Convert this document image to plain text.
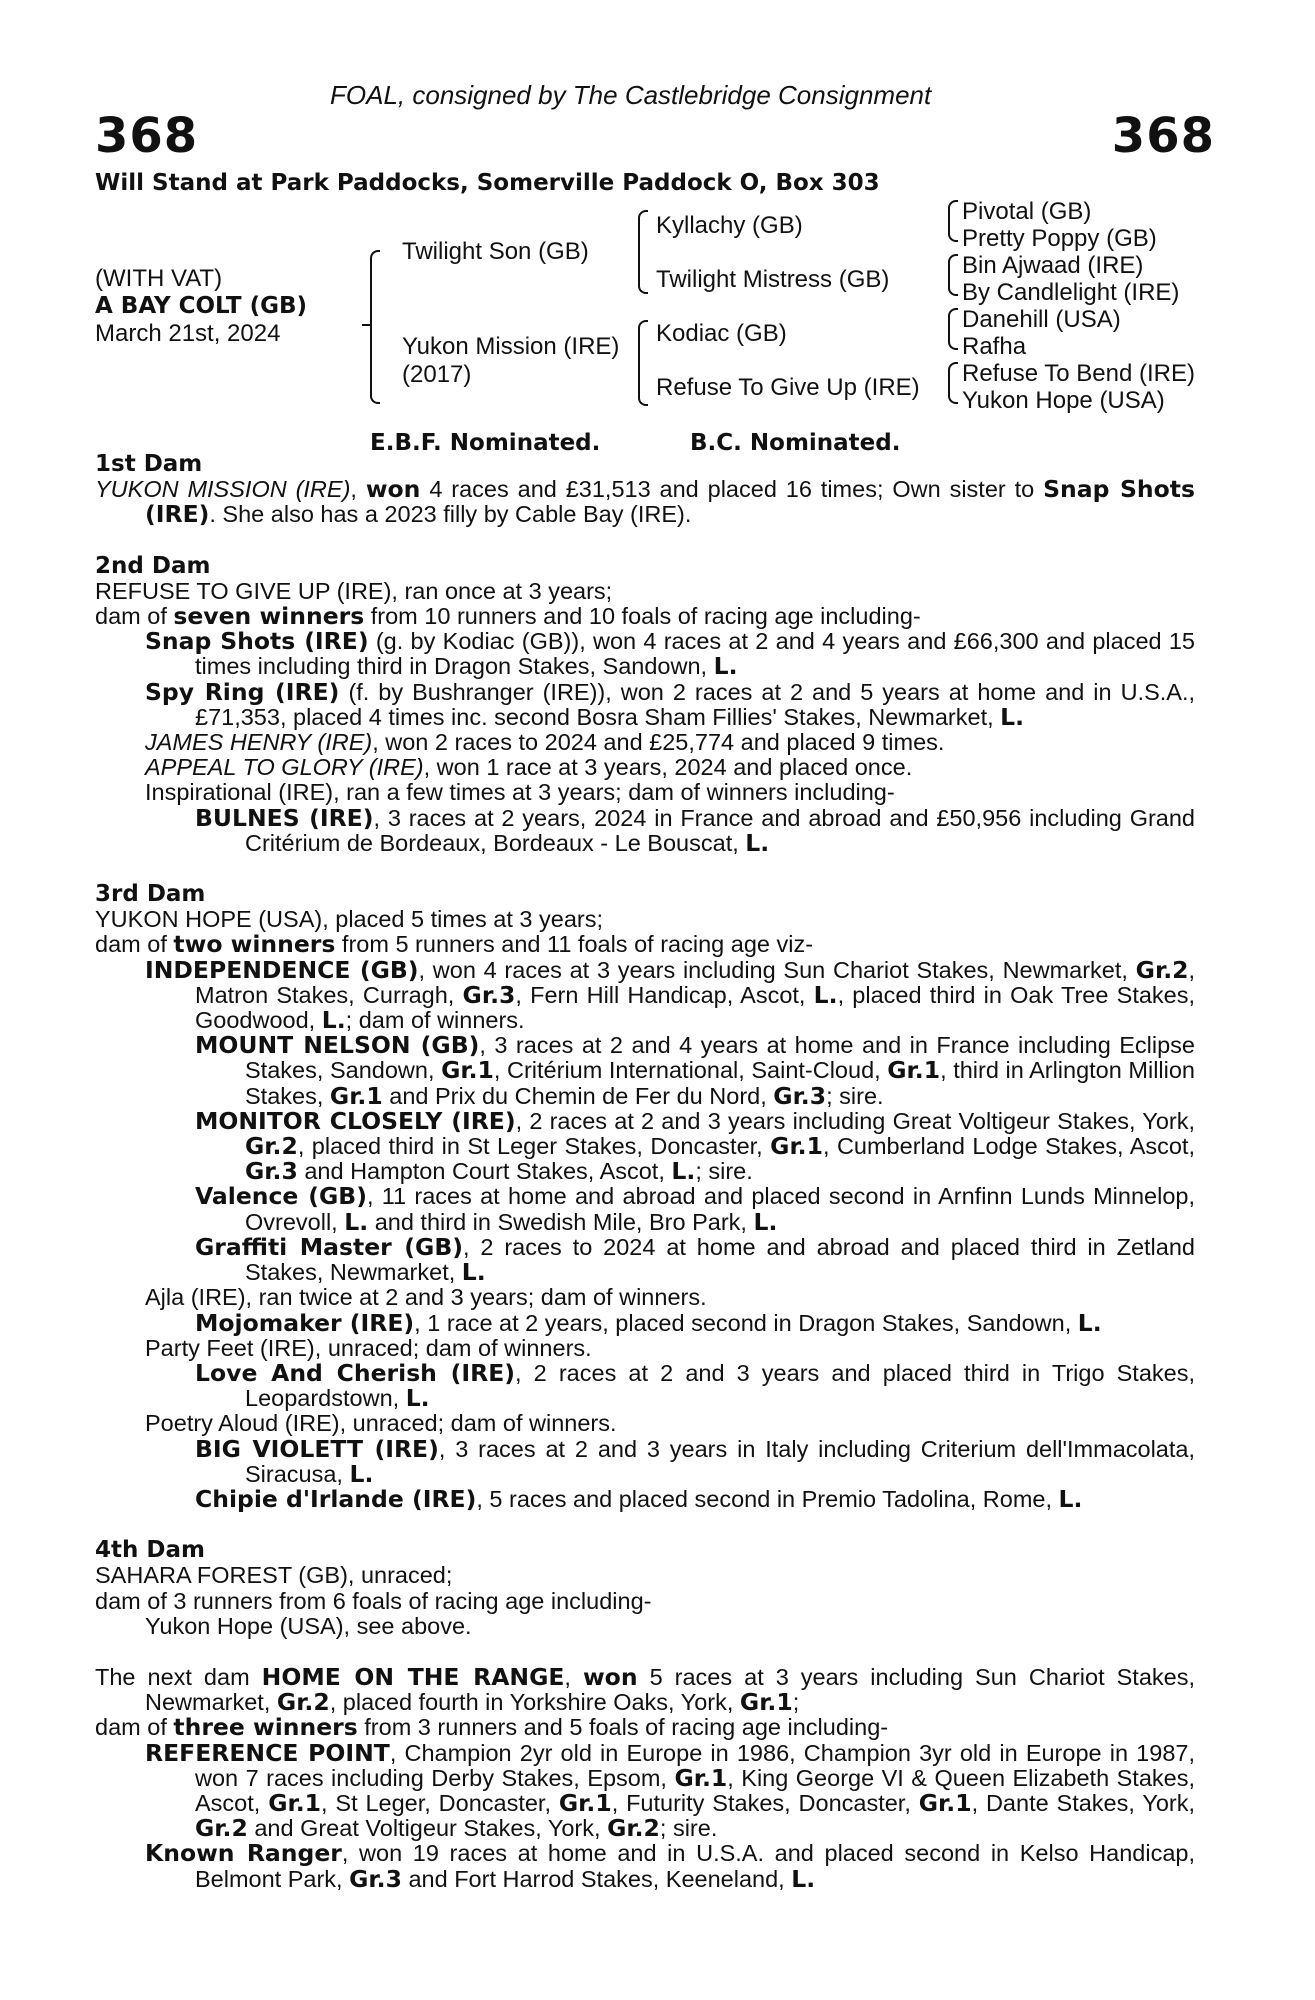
FOAL, consigned by The Castlebridge Consignment
368	368
Will Stand at Park Paddocks, Somerville Paddock O, Box 303
(WITH VAT)
A BAY COLT (GB)
March 21st, 2024
Twilight Son (GB)
Yukon Mission (IRE)
(2017)
Kyllachy (GB)
Twilight Mistress (GB)
Kodiac (GB)
Refuse To Give Up (IRE)
Pivotal (GB)
Pretty Poppy (GB)
Bin Ajwaad (IRE)
By Candlelight (IRE)
Danehill (USA)
Rafha
Refuse To Bend (IRE)
Yukon Hope (USA)
E.B.F. Nominated.	B.C. Nominated.
1st Dam
YUKON MISSION (IRE), won 4 races and £31,513 and placed 16 times; Own sister to Snap Shots (IRE). She also has a 2023 filly by Cable Bay (IRE).
2nd Dam
REFUSE TO GIVE UP (IRE), ran once at 3 years;
dam of seven winners from 10 runners and 10 foals of racing age including-
Snap Shots (IRE) (g. by Kodiac (GB)), won 4 races at 2 and 4 years and £66,300 and placed 15 times including third in Dragon Stakes, Sandown, L.
Spy Ring (IRE) (f. by Bushranger (IRE)), won 2 races at 2 and 5 years at home and in U.S.A., £71,353, placed 4 times inc. second Bosra Sham Fillies' Stakes, Newmarket, L.
JAMES HENRY (IRE), won 2 races to 2024 and £25,774 and placed 9 times.
APPEAL TO GLORY (IRE), won 1 race at 3 years, 2024 and placed once.
Inspirational (IRE), ran a few times at 3 years; dam of winners including-
BULNES (IRE), 3 races at 2 years, 2024 in France and abroad and £50,956 including Grand Critérium de Bordeaux, Bordeaux - Le Bouscat, L.
3rd Dam
YUKON HOPE (USA), placed 5 times at 3 years;
dam of two winners from 5 runners and 11 foals of racing age viz-
INDEPENDENCE (GB), won 4 races at 3 years including Sun Chariot Stakes, Newmarket, Gr.2, Matron Stakes, Curragh, Gr.3, Fern Hill Handicap, Ascot, L., placed third in Oak Tree Stakes, Goodwood, L.; dam of winners.
MOUNT NELSON (GB), 3 races at 2 and 4 years at home and in France including Eclipse Stakes, Sandown, Gr.1, Critérium International, Saint-Cloud, Gr.1, third in Arlington Million Stakes, Gr.1 and Prix du Chemin de Fer du Nord, Gr.3; sire.
MONITOR CLOSELY (IRE), 2 races at 2 and 3 years including Great Voltigeur Stakes, York, Gr.2, placed third in St Leger Stakes, Doncaster, Gr.1, Cumberland Lodge Stakes, Ascot, Gr.3 and Hampton Court Stakes, Ascot, L.; sire.
Valence (GB), 11 races at home and abroad and placed second in Arnfinn Lunds Minnelop, Ovrevoll, L. and third in Swedish Mile, Bro Park, L.
Graffiti Master (GB), 2 races to 2024 at home and abroad and placed third in Zetland Stakes, Newmarket, L.
Ajla (IRE), ran twice at 2 and 3 years; dam of winners.
Mojomaker (IRE), 1 race at 2 years, placed second in Dragon Stakes, Sandown, L.
Party Feet (IRE), unraced; dam of winners.
Love And Cherish (IRE), 2 races at 2 and 3 years and placed third in Trigo Stakes, Leopardstown, L.
Poetry Aloud (IRE), unraced; dam of winners.
BIG VIOLETT (IRE), 3 races at 2 and 3 years in Italy including Criterium dell'Immacolata, Siracusa, L.
Chipie d'Irlande (IRE), 5 races and placed second in Premio Tadolina, Rome, L.
4th Dam
SAHARA FOREST (GB), unraced;
dam of 3 runners from 6 foals of racing age including-
Yukon Hope (USA), see above.
The next dam HOME ON THE RANGE, won 5 races at 3 years including Sun Chariot Stakes, Newmarket, Gr.2, placed fourth in Yorkshire Oaks, York, Gr.1;
dam of three winners from 3 runners and 5 foals of racing age including-
REFERENCE POINT, Champion 2yr old in Europe in 1986, Champion 3yr old in Europe in 1987, won 7 races including Derby Stakes, Epsom, Gr.1, King George VI & Queen Elizabeth Stakes, Ascot, Gr.1, St Leger, Doncaster, Gr.1, Futurity Stakes, Doncaster, Gr.1, Dante Stakes, York, Gr.2 and Great Voltigeur Stakes, York, Gr.2; sire.
Known Ranger, won 19 races at home and in U.S.A. and placed second in Kelso Handicap, Belmont Park, Gr.3 and Fort Harrod Stakes, Keeneland, L.
